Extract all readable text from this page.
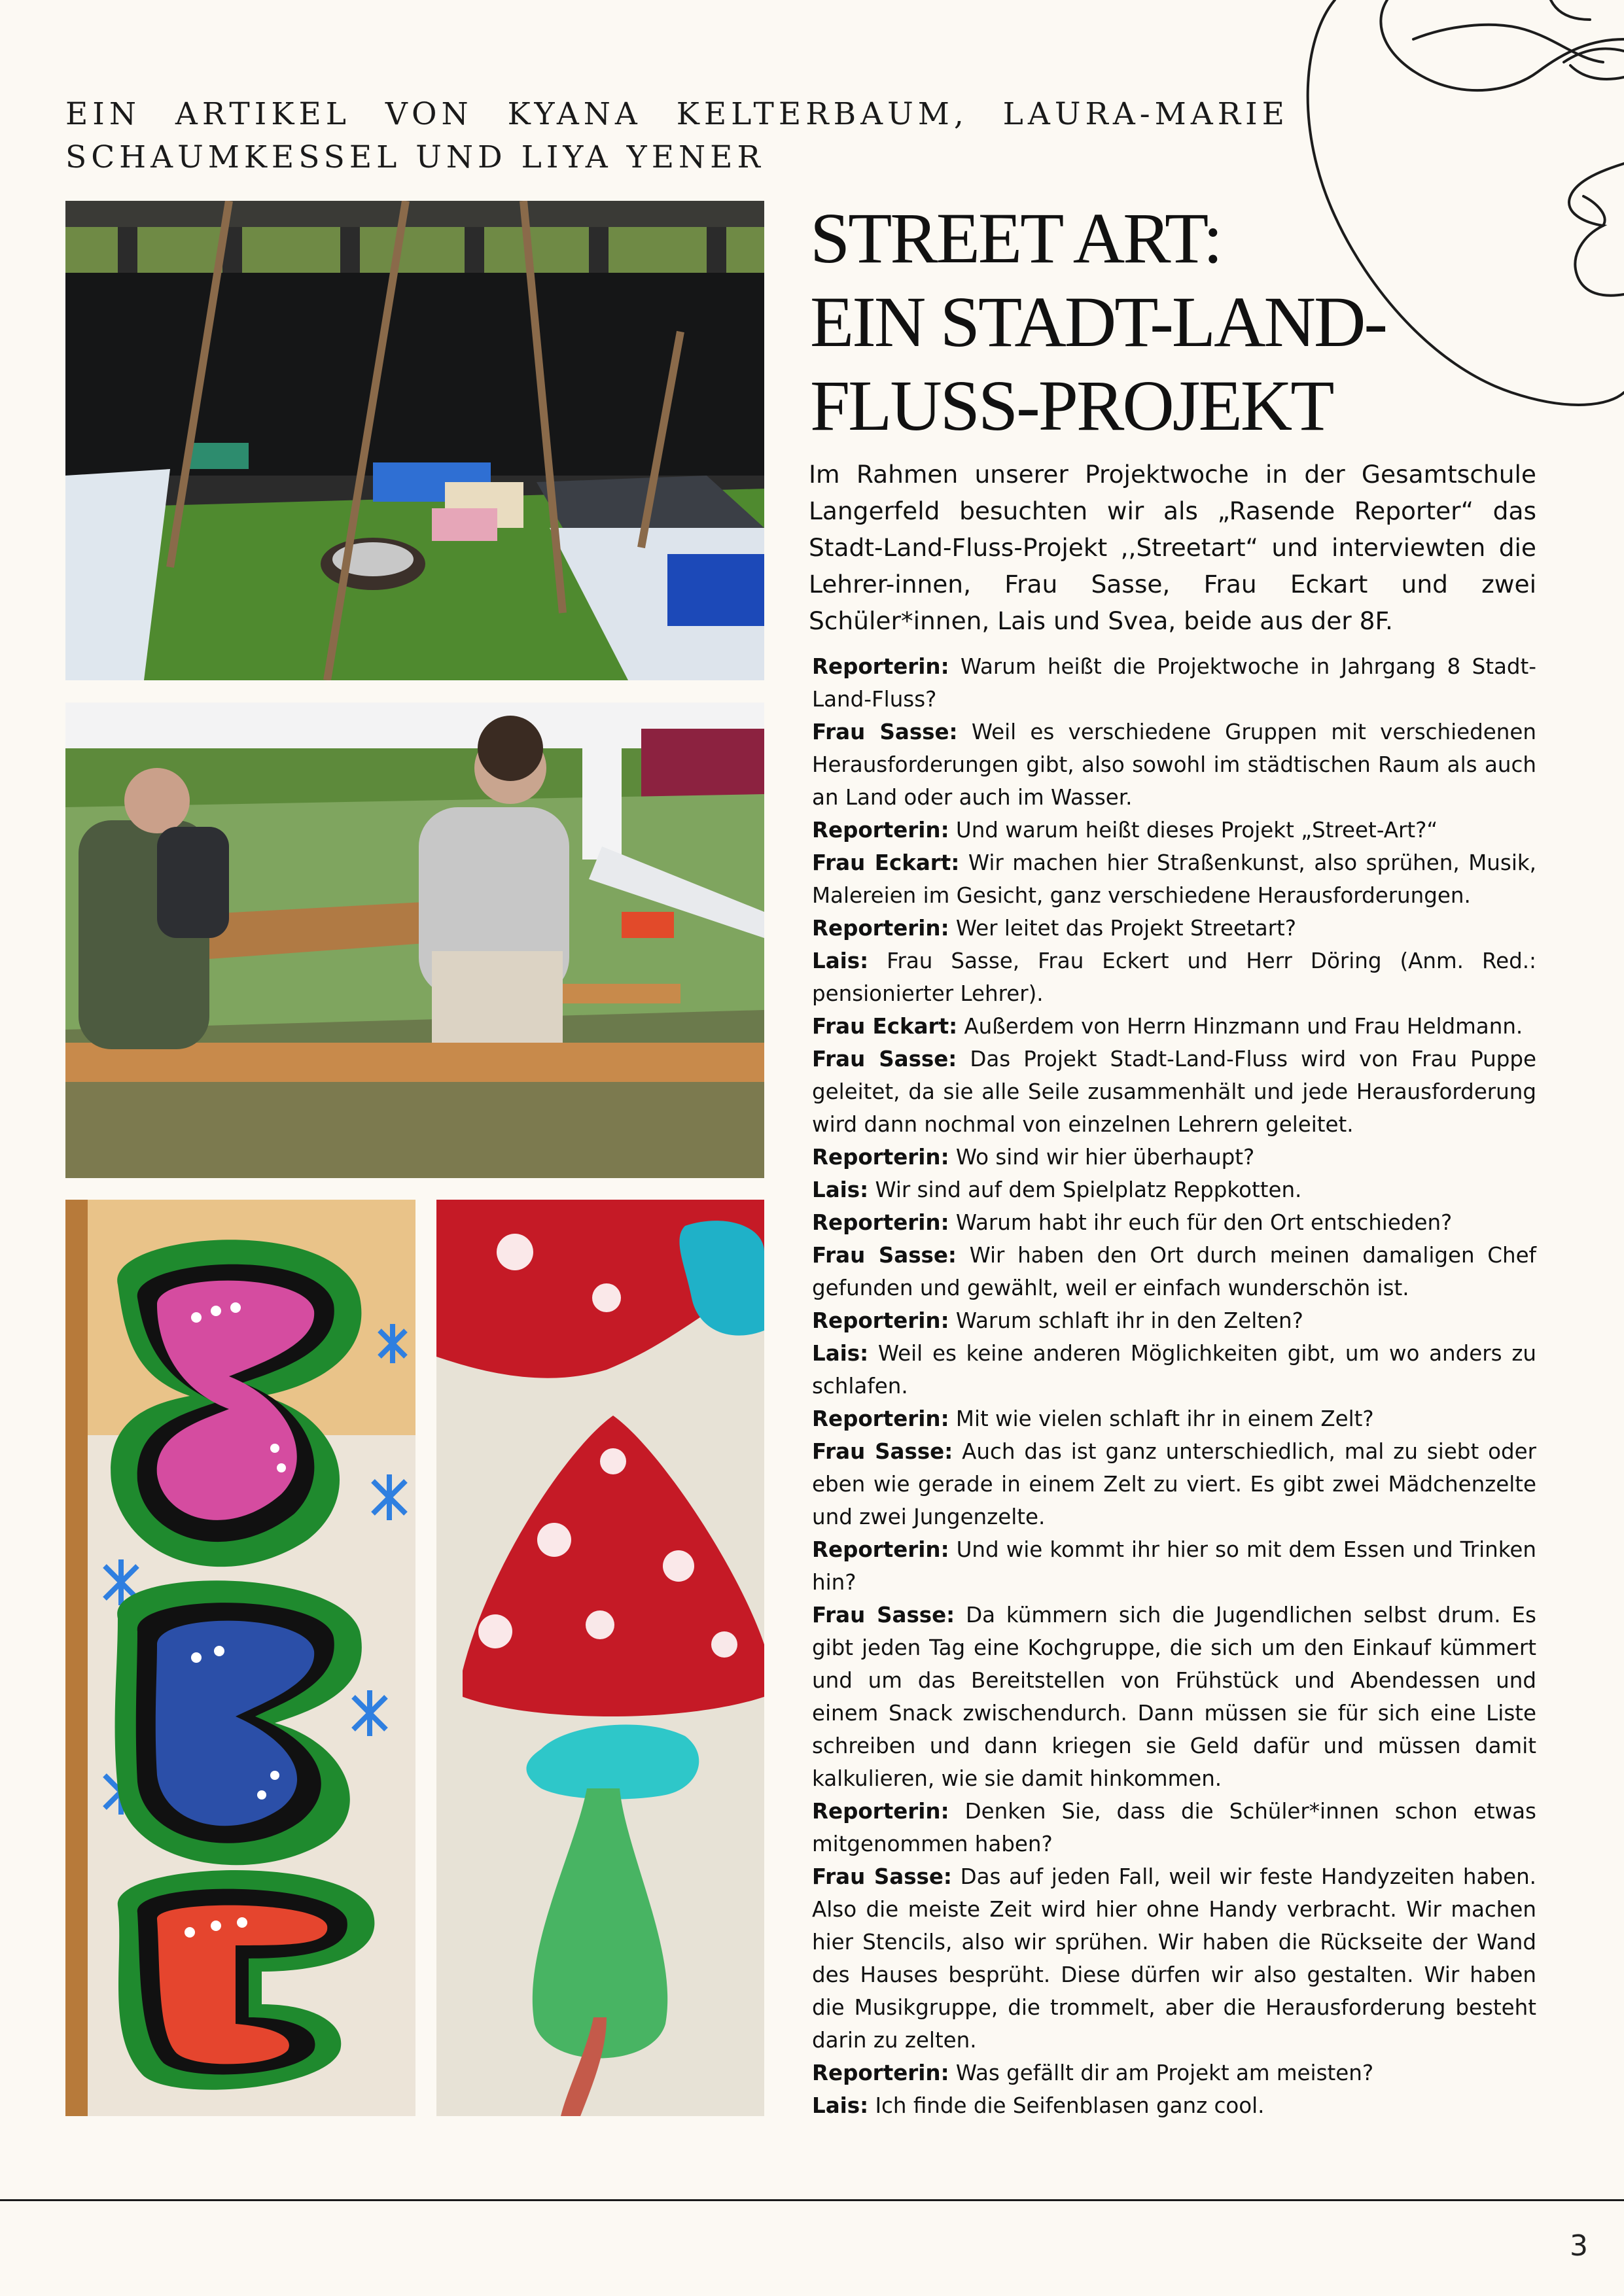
EIN ARTIKEL VON KYANA KELTERBAUM, LAURA-MARIE SCHAUMKESSEL UND LIYA YENER
STREET ART:
EIN STADT-LAND-
FLUSS-PROJEKT

Im Rahmen unserer Projektwoche in der Gesamtschule Langerfeld besuchten wir als „Rasende Reporter“ das Stadt-Land-Fluss-Projekt ,,Streetart“ und interviewten die Lehrer-innen, Frau Sasse, Frau Eckart und zwei Schüler*innen, Lais und Svea, beide aus der 8F.

Reporterin: Warum heißt die Projektwoche in Jahrgang 8 Stadt-Land-Fluss?

Frau Sasse: Weil es verschiedene Gruppen mit verschiedenen Herausforderungen gibt, also sowohl im städtischen Raum als auch an Land oder auch im Wasser.

Reporterin: Und warum heißt dieses Projekt „Street-Art?“

Frau Eckart: Wir machen hier Straßenkunst, also sprühen, Musik, Malereien im Gesicht, ganz verschiedene Herausforderungen.

Reporterin: Wer leitet das Projekt Streetart?

Lais: Frau Sasse, Frau Eckert und Herr Döring (Anm. Red.: pensionierter Lehrer).

Frau Eckart: Außerdem von Herrn Hinzmann und Frau Heldmann.

Frau Sasse: Das Projekt Stadt-Land-Fluss wird von Frau Puppe geleitet, da sie alle Seile zusammenhält und jede Herausforderung wird dann nochmal von einzelnen Lehrern geleitet.

Reporterin: Wo sind wir hier überhaupt?

Lais: Wir sind auf dem Spielplatz Reppkotten.

Reporterin: Warum habt ihr euch für den Ort entschieden?

Frau Sasse: Wir haben den Ort durch meinen damaligen Chef gefunden und gewählt, weil er einfach wunderschön ist.

Reporterin: Warum schlaft ihr in den Zelten?

Lais: Weil es keine anderen Möglichkeiten gibt, um wo anders zu schlafen.

Reporterin: Mit wie vielen schlaft ihr in einem Zelt?

Frau Sasse: Auch das ist ganz unterschiedlich, mal zu siebt oder eben wie gerade in einem Zelt zu viert. Es gibt zwei Mädchenzelte und zwei Jungenzelte.

Reporterin: Und wie kommt ihr hier so mit dem Essen und Trinken hin?

Frau Sasse: Da kümmern sich die Jugendlichen selbst drum. Es gibt jeden Tag eine Kochgruppe, die sich um den Einkauf kümmert und um das Bereitstellen von Frühstück und Abendessen und einem Snack zwischendurch. Dann müssen sie für sich eine Liste schreiben und dann kriegen sie Geld dafür und müssen damit kalkulieren, wie sie damit hinkommen.

Reporterin: Denken Sie, dass die Schüler*innen schon etwas mitgenommen haben?

Frau Sasse: Das auf jeden Fall, weil wir feste Handyzeiten haben. Also die meiste Zeit wird hier ohne Handy verbracht. Wir machen hier Stencils, also wir sprühen. Wir haben die Rückseite der Wand des Hauses besprüht. Diese dürfen wir also gestalten. Wir haben die Musikgruppe, die trommelt, aber die Herausforderung besteht darin zu zelten.

Reporterin: Was gefällt dir am Projekt am meisten?

Lais: Ich finde die Seifenblasen ganz cool.

3
